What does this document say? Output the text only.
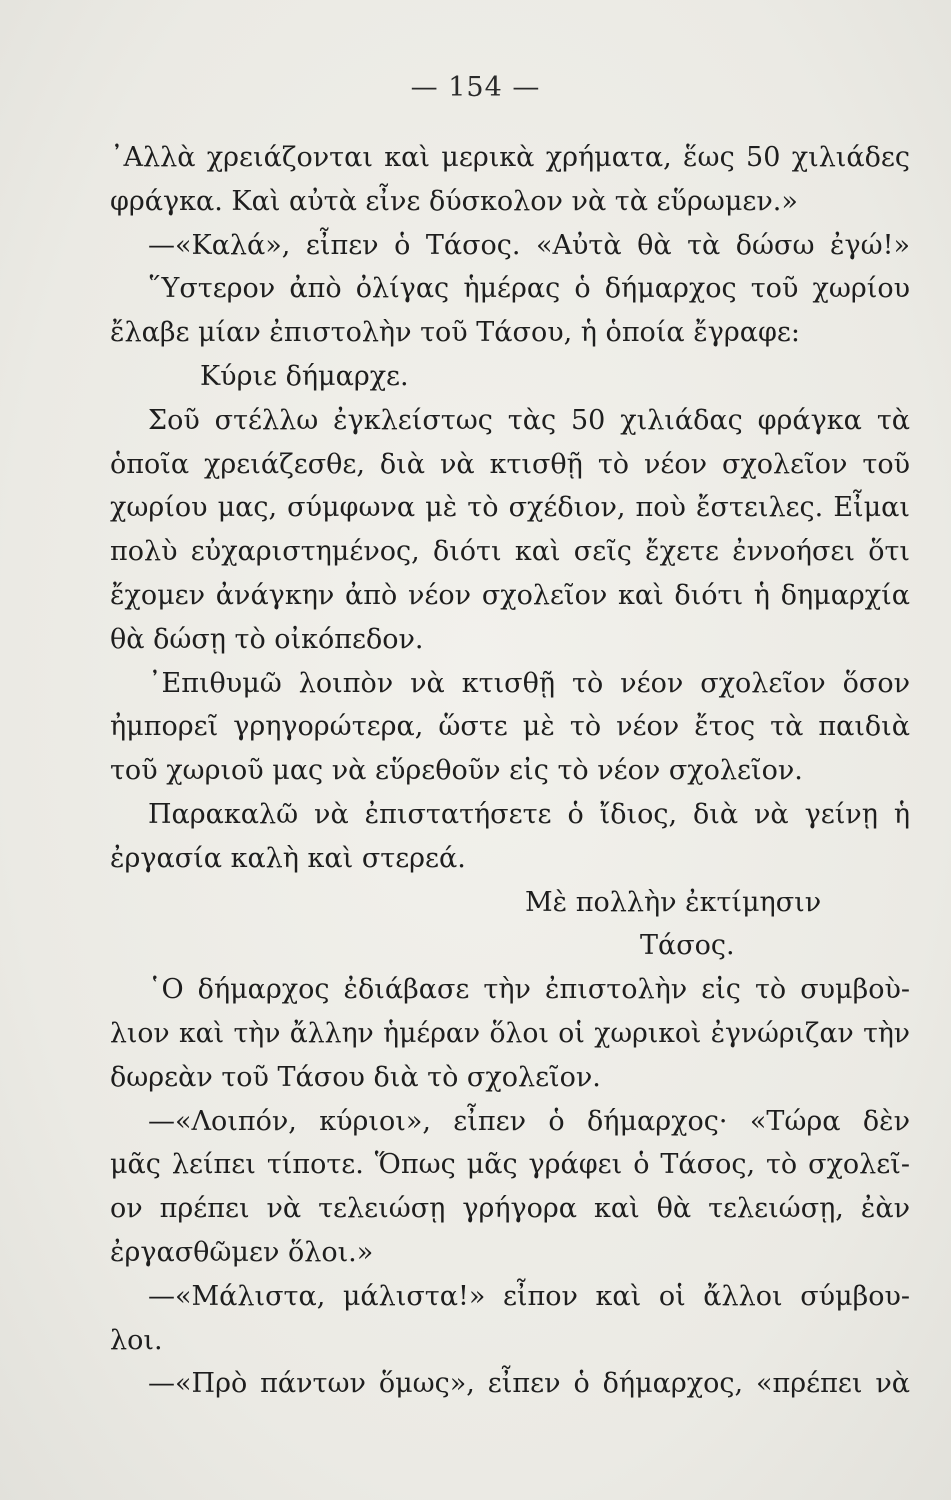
— 154 —
᾿Αλλὰ χρειάζονται καὶ μερικὰ χρήματα, ἕως 50 χιλιάδες
φράγκα. Καὶ αὐτὰ εἶνε δύσκολον νὰ τὰ εὕρωμεν.»
—«Καλά», εἶπεν ὁ Τάσος. «Αὐτὰ θὰ τὰ δώσω ἐγώ!»
῞Υστερον ἀπὸ ὀλίγας ἡμέρας ὁ δήμαρχος τοῦ χωρίου
ἔλαβε μίαν ἐπιστολὴν τοῦ Τάσου, ἡ ὁποία ἔγραφε:
Κύριε δήμαρχε.
Σοῦ στέλλω ἐγκλείστως τὰς 50 χιλιάδας φράγκα τὰ
ὁποῖα χρειάζεσθε, διὰ νὰ κτισθῇ τὸ νέον σχολεῖον τοῦ
χωρίου μας, σύμφωνα μὲ τὸ σχέδιον, ποὺ ἔστειλες. Εἶμαι
πολὺ εὐχαριστημένος, διότι καὶ σεῖς ἔχετε ἐννοήσει ὅτι
ἔχομεν ἀνάγκην ἀπὸ νέον σχολεῖον καὶ διότι ἡ δημαρχία
θὰ δώσῃ τὸ οἰκόπεδον.
᾿Επιθυμῶ λοιπὸν νὰ κτισθῇ τὸ νέον σχολεῖον ὅσον
ἠμπορεῖ γρηγορώτερα, ὥστε μὲ τὸ νέον ἔτος τὰ παιδιὰ
τοῦ χωριοῦ μας νὰ εὕρεθοῦν εἰς τὸ νέον σχολεῖον.
Παρακαλῶ νὰ ἐπιστατήσετε ὁ ἴδιος, διὰ νὰ γείνῃ ἡ
ἐργασία καλὴ καὶ στερεά.
Μὲ πολλὴν ἐκτίμησιν
Τάσος.
῾Ο δήμαρχος ἐδιάβασε τὴν ἐπιστολὴν εἰς τὸ συμβοὺ-
λιον καὶ τὴν ἄλλην ἡμέραν ὅλοι οἱ χωρικοὶ ἐγνώριζαν τὴν
δωρεὰν τοῦ Τάσου διὰ τὸ σχολεῖον.
—«Λοιπόν, κύριοι», εἶπεν ὁ δήμαρχος· «Τώρα δὲν
μᾶς λείπει τίποτε. Ὅπως μᾶς γράφει ὁ Τάσος, τὸ σχολεῖ-
ον πρέπει νὰ τελειώσῃ γρήγορα καὶ θὰ τελειώσῃ, ἐὰν
ἐργασθῶμεν ὅλοι.»
—«Μάλιστα, μάλιστα!» εἶπον καὶ οἱ ἄλλοι σύμβου-
λοι.
—«Πρὸ πάντων ὅμως», εἶπεν ὁ δήμαρχος, «πρέπει νὰ
